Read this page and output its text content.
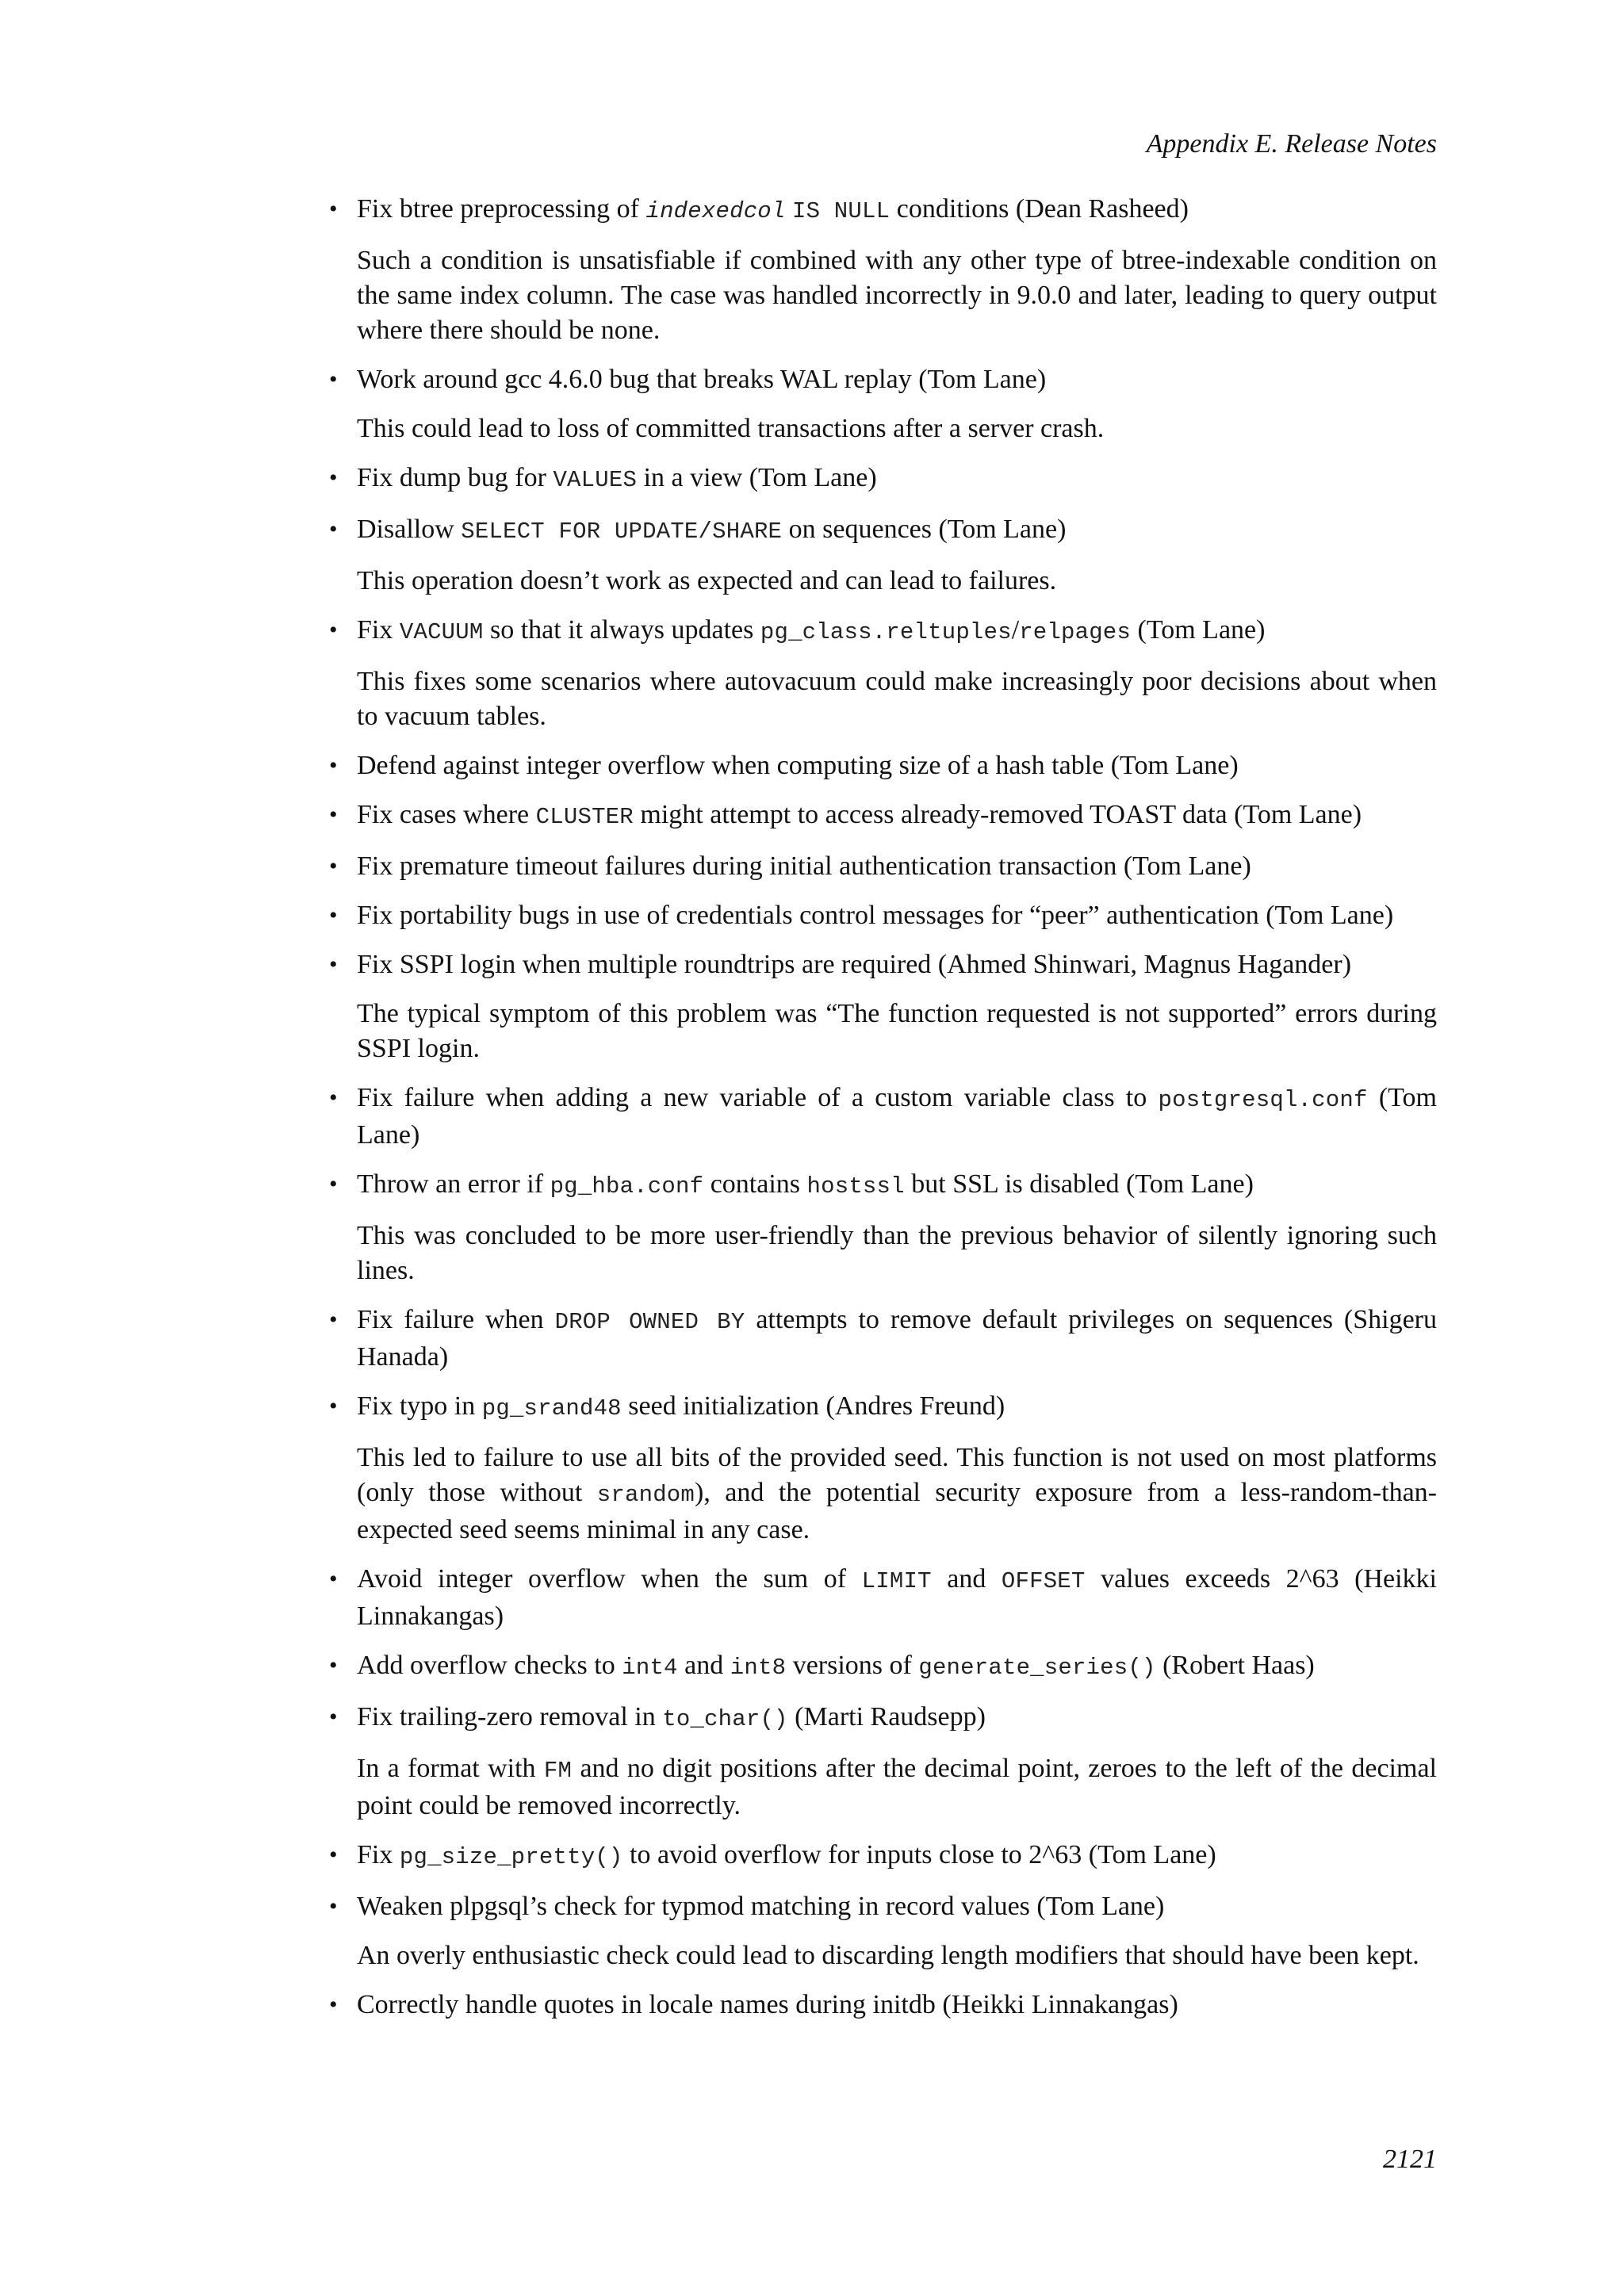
Appendix E. Release Notes
• Fix btree preprocessing of indexedcol IS NULL conditions (Dean Rasheed)

Such a condition is unsatisfiable if combined with any other type of btree-indexable condition on the same index column. The case was handled incorrectly in 9.0.0 and later, leading to query output where there should be none.

• Work around gcc 4.6.0 bug that breaks WAL replay (Tom Lane)

This could lead to loss of committed transactions after a server crash.

• Fix dump bug for VALUES in a view (Tom Lane)

• Disallow SELECT FOR UPDATE/SHARE on sequences (Tom Lane)

This operation doesn’t work as expected and can lead to failures.

• Fix VACUUM so that it always updates pg_class.reltuples/relpages (Tom Lane)

This fixes some scenarios where autovacuum could make increasingly poor decisions about when to vacuum tables.

• Defend against integer overflow when computing size of a hash table (Tom Lane)

• Fix cases where CLUSTER might attempt to access already-removed TOAST data (Tom Lane)

• Fix premature timeout failures during initial authentication transaction (Tom Lane)

• Fix portability bugs in use of credentials control messages for “peer” authentication (Tom Lane)

• Fix SSPI login when multiple roundtrips are required (Ahmed Shinwari, Magnus Hagander)

The typical symptom of this problem was “The function requested is not supported” errors during SSPI login.

• Fix failure when adding a new variable of a custom variable class to postgresql.conf (Tom Lane)

• Throw an error if pg_hba.conf contains hostssl but SSL is disabled (Tom Lane)

This was concluded to be more user-friendly than the previous behavior of silently ignoring such lines.

• Fix failure when DROP OWNED BY attempts to remove default privileges on sequences (Shigeru Hanada)

• Fix typo in pg_srand48 seed initialization (Andres Freund)

This led to failure to use all bits of the provided seed. This function is not used on most platforms (only those without srandom), and the potential security exposure from a less-random-than-expected seed seems minimal in any case.

• Avoid integer overflow when the sum of LIMIT and OFFSET values exceeds 2^63 (Heikki Linnakangas)

• Add overflow checks to int4 and int8 versions of generate_series() (Robert Haas)

• Fix trailing-zero removal in to_char() (Marti Raudsepp)

In a format with FM and no digit positions after the decimal point, zeroes to the left of the decimal point could be removed incorrectly.

• Fix pg_size_pretty() to avoid overflow for inputs close to 2^63 (Tom Lane)

• Weaken plpgsql’s check for typmod matching in record values (Tom Lane)

An overly enthusiastic check could lead to discarding length modifiers that should have been kept.

• Correctly handle quotes in locale names during initdb (Heikki Linnakangas)

2121
